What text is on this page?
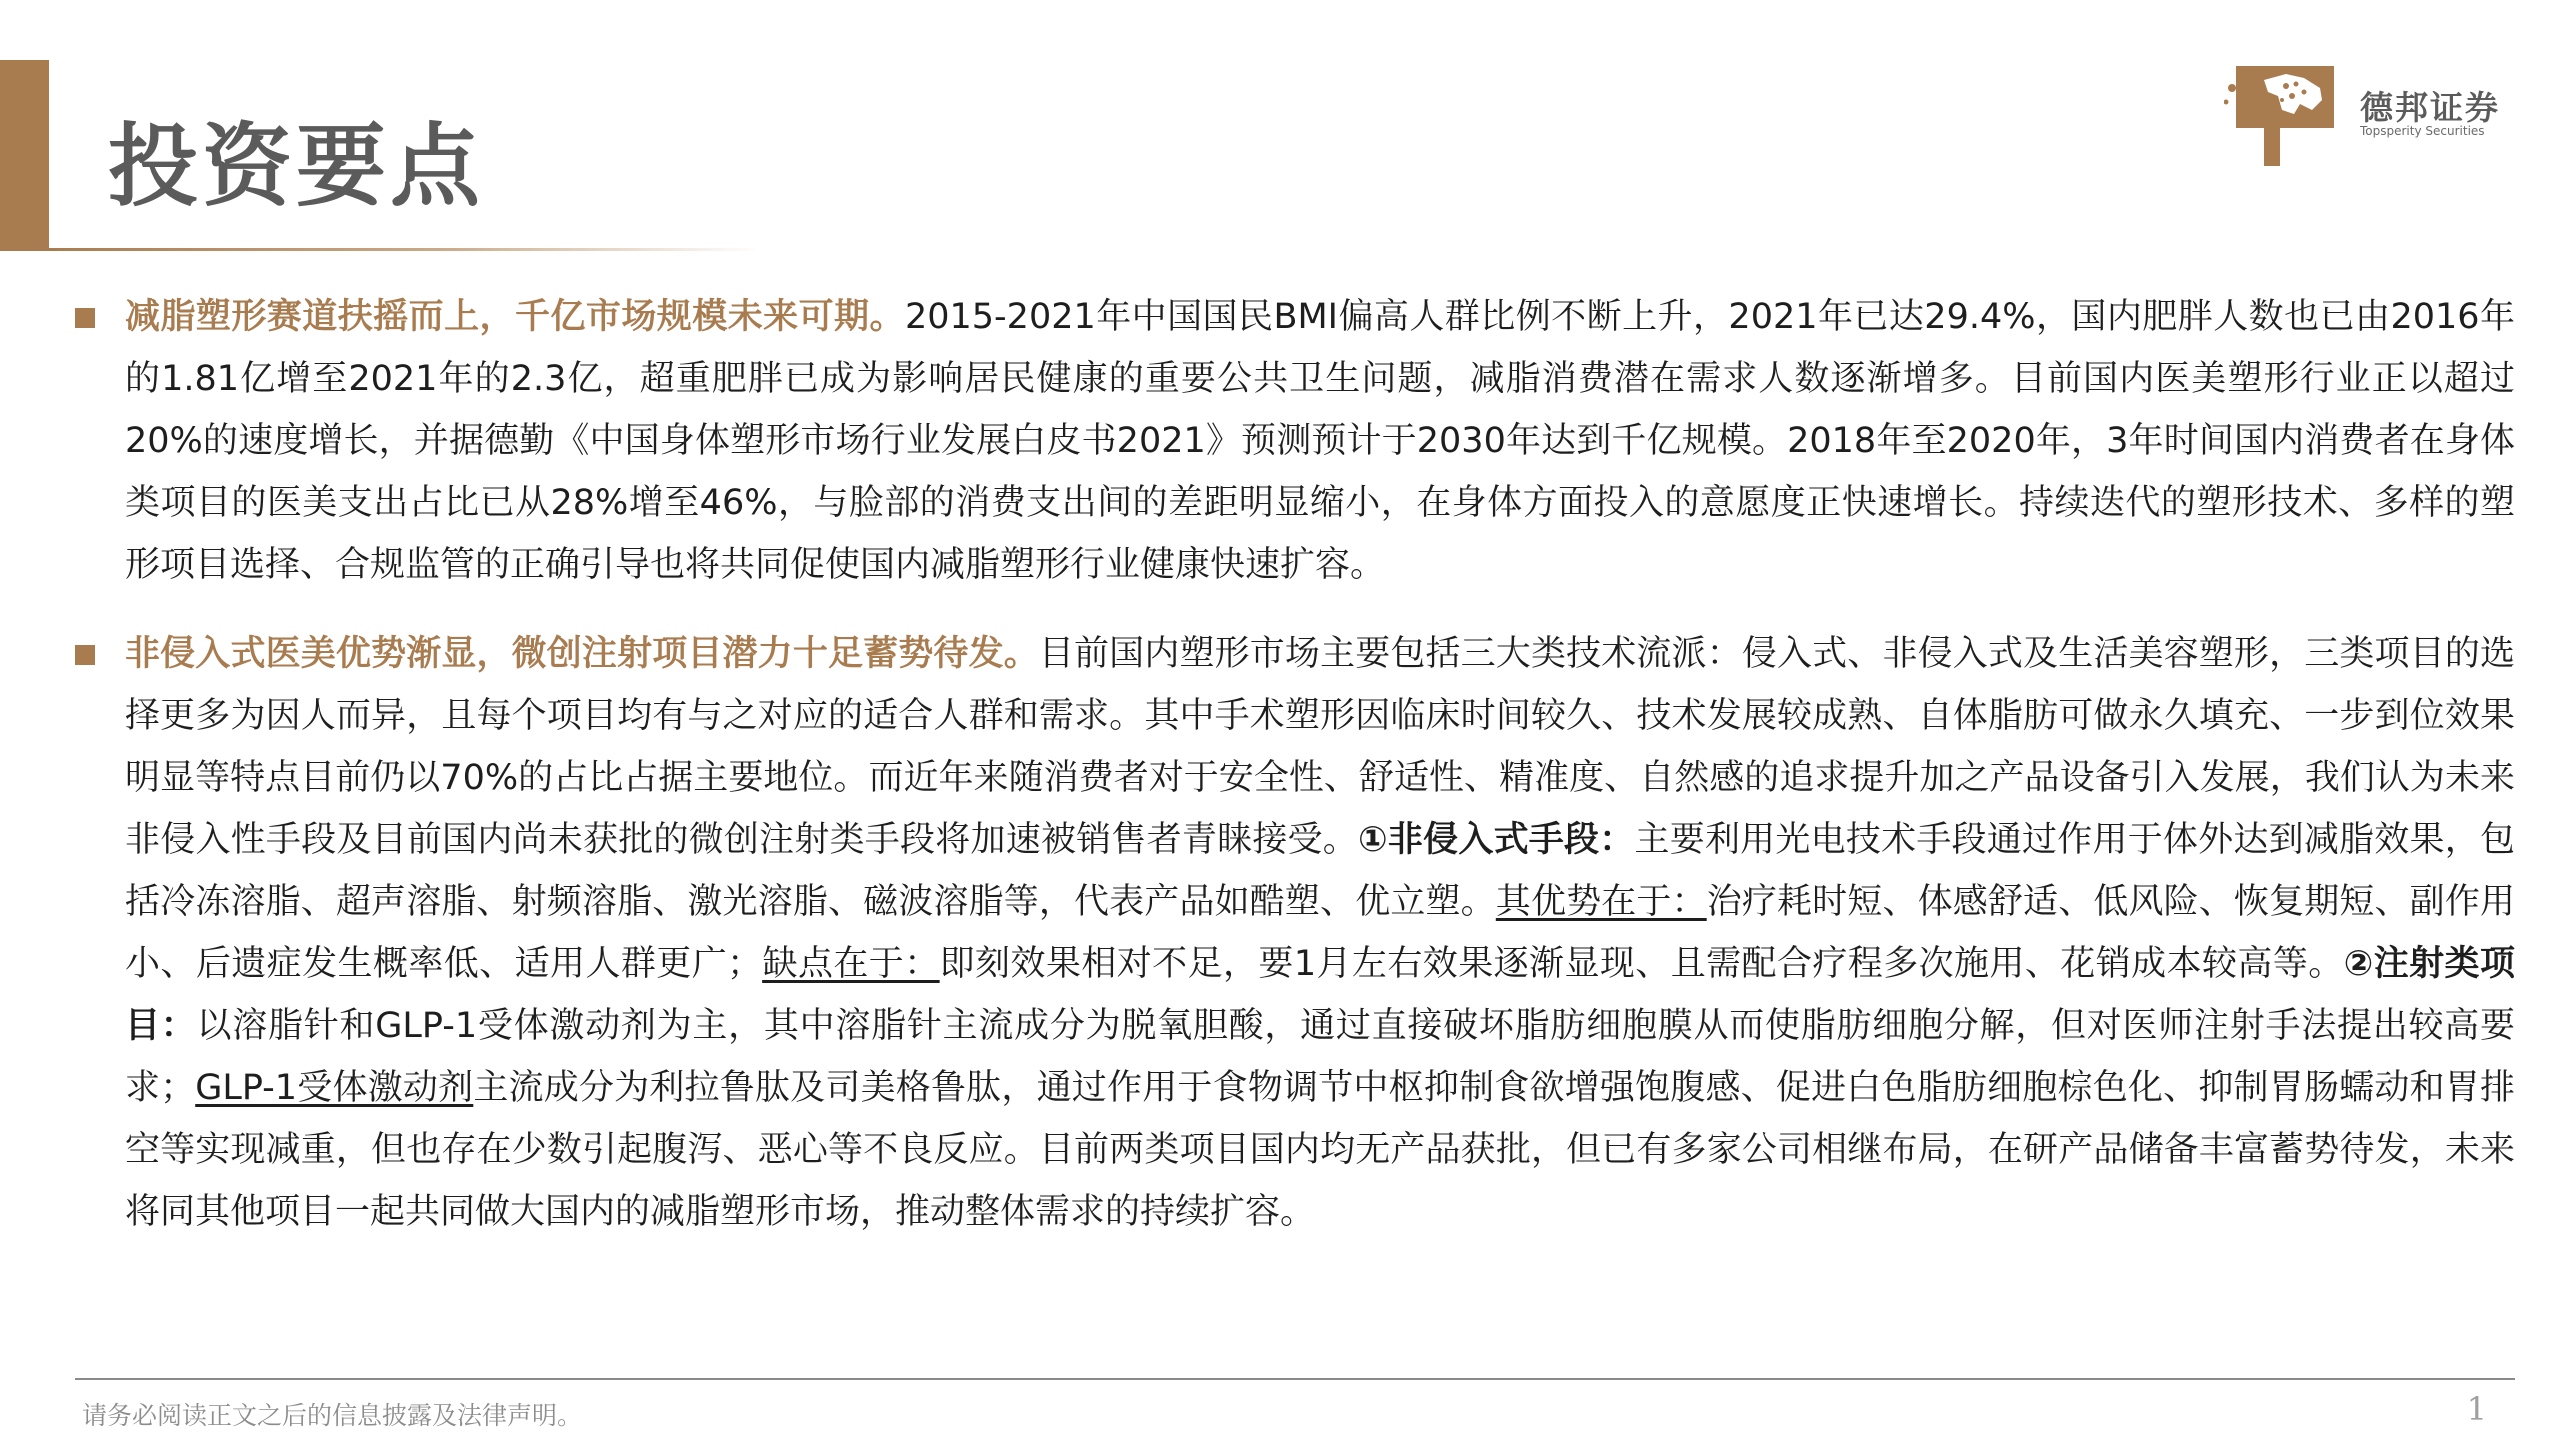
投资要点
德邦证券
Topsperity Securities
减脂塑形赛道扶摇而上，千亿市场规模未来可期。2015-2021年中国国民BMI偏高人群比例不断上升，2021年已达29.4%，国内肥胖人数也已由2016年的1.81亿增至2021年的2.3亿，超重肥胖已成为影响居民健康的重要公共卫生问题，减脂消费潜在需求人数逐渐增多。目前国内医美塑形行业正以超过20%的速度增长，并据德勤《中国身体塑形市场行业发展白皮书2021》预测预计于2030年达到千亿规模。2018年至2020年，3年时间国内消费者在身体类项目的医美支出占比已从28%增至46%，与脸部的消费支出间的差距明显缩小，在身体方面投入的意愿度正快速增长。持续迭代的塑形技术、多样的塑形项目选择、合规监管的正确引导也将共同促使国内减脂塑形行业健康快速扩容。
非侵入式医美优势渐显，微创注射项目潜力十足蓄势待发。目前国内塑形市场主要包括三大类技术流派：侵入式、非侵入式及生活美容塑形，三类项目的选择更多为因人而异，且每个项目均有与之对应的适合人群和需求。其中手术塑形因临床时间较久、技术发展较成熟、自体脂肪可做永久填充、一步到位效果明显等特点目前仍以70%的占比占据主要地位。而近年来随消费者对于安全性、舒适性、精准度、自然感的追求提升加之产品设备引入发展，我们认为未来非侵入性手段及目前国内尚未获批的微创注射类手段将加速被销售者青睐接受。①非侵入式手段：主要利用光电技术手段通过作用于体外达到减脂效果，包括冷冻溶脂、超声溶脂、射频溶脂、激光溶脂、磁波溶脂等，代表产品如酷塑、优立塑。其优势在于：治疗耗时短、体感舒适、低风险、恢复期短、副作用小、后遗症发生概率低、适用人群更广；缺点在于：即刻效果相对不足，要1月左右效果逐渐显现、且需配合疗程多次施用、花销成本较高等。②注射类项目：以溶脂针和GLP-1受体激动剂为主，其中溶脂针主流成分为脱氧胆酸，通过直接破坏脂肪细胞膜从而使脂肪细胞分解，但对医师注射手法提出较高要求；GLP-1受体激动剂主流成分为利拉鲁肽及司美格鲁肽，通过作用于食物调节中枢抑制食欲增强饱腹感、促进白色脂肪细胞棕色化、抑制胃肠蠕动和胃排空等实现减重，但也存在少数引起腹泻、恶心等不良反应。目前两类项目国内均无产品获批，但已有多家公司相继布局，在研产品储备丰富蓄势待发，未来将同其他项目一起共同做大国内的减脂塑形市场，推动整体需求的持续扩容。
请务必阅读正文之后的信息披露及法律声明。	1
